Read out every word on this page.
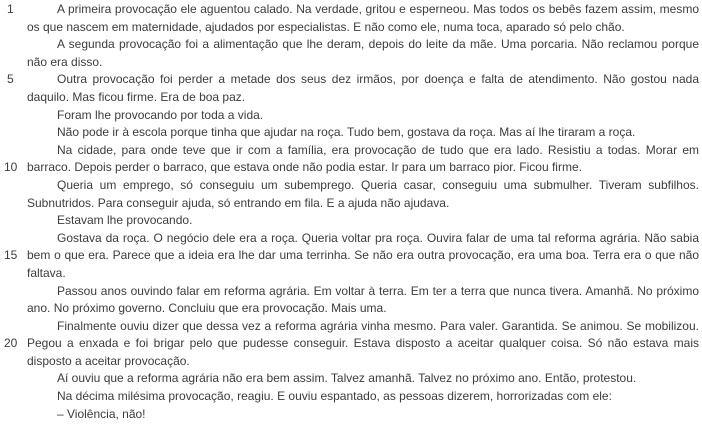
1	A primeira provocação ele aguentou calado. Na verdade, gritou e esperneou. Mas todos os bebês fazem assim, mesmo
os que nascem em maternidade, ajudados por especialistas. E não como ele, numa toca, aparado só pelo chão.
A segunda provocação foi a alimentação que lhe deram, depois do leite da mãe. Uma porcaria. Não reclamou porque
não era disso.
5	Outra provocação foi perder a metade dos seus dez irmãos, por doença e falta de atendimento. Não gostou nada
daquilo. Mas ficou firme. Era de boa paz.
Foram lhe provocando por toda a vida.
Não pode ir à escola porque tinha que ajudar na roça. Tudo bem, gostava da roça. Mas aí lhe tiraram a roça.
Na cidade, para onde teve que ir com a família, era provocação de tudo que era lado. Resistiu a todas. Morar em
10 barraco. Depois perder o barraco, que estava onde não podia estar. Ir para um barraco pior. Ficou firme.
Queria um emprego, só conseguiu um subemprego. Queria casar, conseguiu uma submulher. Tiveram subfilhos.
Subnutridos. Para conseguir ajuda, só entrando em fila. E a ajuda não ajudava.
Estavam lhe provocando.
Gostava da roça. O negócio dele era a roça. Queria voltar pra roça. Ouvira falar de uma tal reforma agrária. Não sabia
15 bem o que era. Parece que a ideia era lhe dar uma terrinha. Se não era outra provocação, era uma boa. Terra era o que não
faltava.
Passou anos ouvindo falar em reforma agrária. Em voltar à terra. Em ter a terra que nunca tivera. Amanhã. No próximo
ano. No próximo governo. Concluiu que era provocação. Mais uma.
Finalmente ouviu dizer que dessa vez a reforma agrária vinha mesmo. Para valer. Garantida. Se animou. Se mobilizou.
20 Pegou a enxada e foi brigar pelo que pudesse conseguir. Estava disposto a aceitar qualquer coisa. Só não estava mais
disposto a aceitar provocação.
Aí ouviu que a reforma agrária não era bem assim. Talvez amanhã. Talvez no próximo ano. Então, protestou.
Na décima milésima provocação, reagiu. E ouviu espantado, as pessoas dizerem, horrorizadas com ele:
– Violência, não!
